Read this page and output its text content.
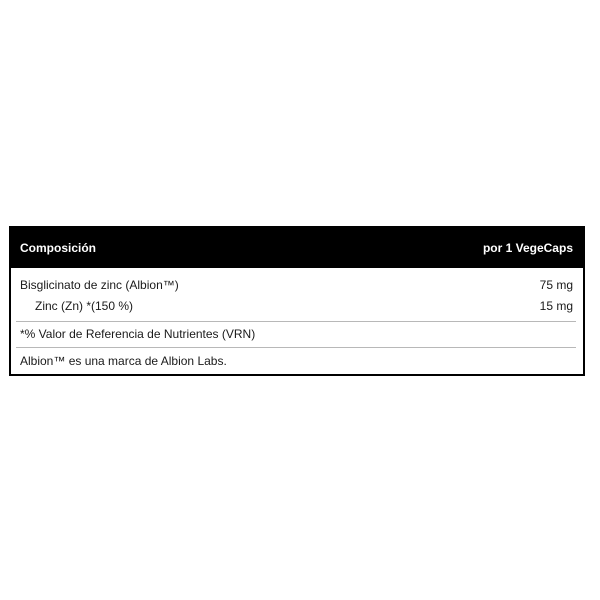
Composición	por 1 VegeCaps
Bisglicinato de zinc (Albion™)	75 mg
Zinc (Zn) *(150 %)	15 mg
*% Valor de Referencia de Nutrientes (VRN)
Albion™ es una marca de Albion Labs.
